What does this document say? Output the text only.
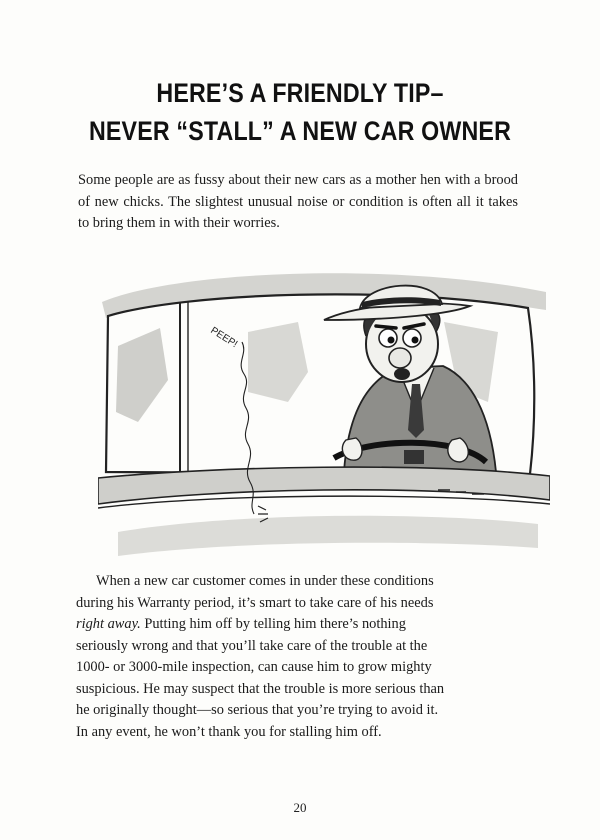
HERE’S A FRIENDLY TIP–
NEVER “STALL” A NEW CAR OWNER

Some people are as fussy about their new cars as a mother hen with a brood of new chicks. The slightest unusual noise or condition is often all it takes to bring them in with their worries.

PEEP!

When a new car customer comes in under these conditions
during his Warranty period, it’s smart to take care of his needs
right away. Putting him off by telling him there’s nothing
seriously wrong and that you’ll take care of the trouble at the
1000- or 3000-mile inspection, can cause him to grow mighty
suspicious. He may suspect that the trouble is more serious than
he originally thought—so serious that you’re trying to avoid it.
In any event, he won’t thank you for stalling him off.

20
